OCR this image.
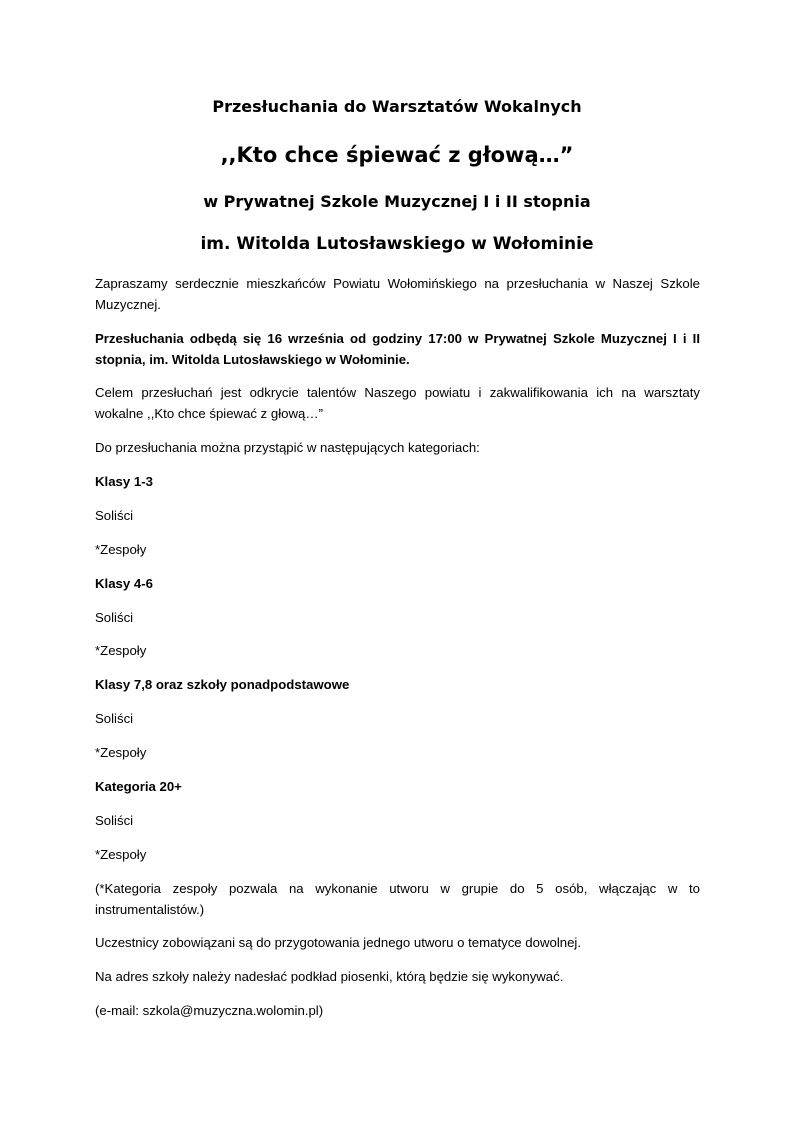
Przesłuchania do Warsztatów Wokalnych
,,Kto chce śpiewać z głową…”
w Prywatnej Szkole Muzycznej I i II stopnia
im. Witolda Lutosławskiego w Wołominie
Zapraszamy serdecznie mieszkańców Powiatu Wołomińskiego na przesłuchania w Naszej Szkole Muzycznej.
Przesłuchania odbędą się 16 września od godziny 17:00 w Prywatnej Szkole Muzycznej I i II stopnia, im. Witolda Lutosławskiego w Wołominie.
Celem przesłuchań jest odkrycie talentów Naszego powiatu i zakwalifikowania ich na warsztaty wokalne ,,Kto chce śpiewać z głową…”
Do przesłuchania można przystąpić w następujących kategoriach:
Klasy 1-3
Soliści
*Zespoły
Klasy 4-6
Soliści
*Zespoły
Klasy 7,8 oraz szkoły ponadpodstawowe
Soliści
*Zespoły
Kategoria 20+
Soliści
*Zespoły
(*Kategoria zespoły pozwala na wykonanie utworu w grupie do 5 osób, włączając w to instrumentalistów.)
Uczestnicy zobowiązani są do przygotowania jednego utworu o tematyce dowolnej.
Na adres szkoły należy nadesłać podkład piosenki, którą będzie się wykonywać.
(e-mail: szkola@muzyczna.wolomin.pl)
